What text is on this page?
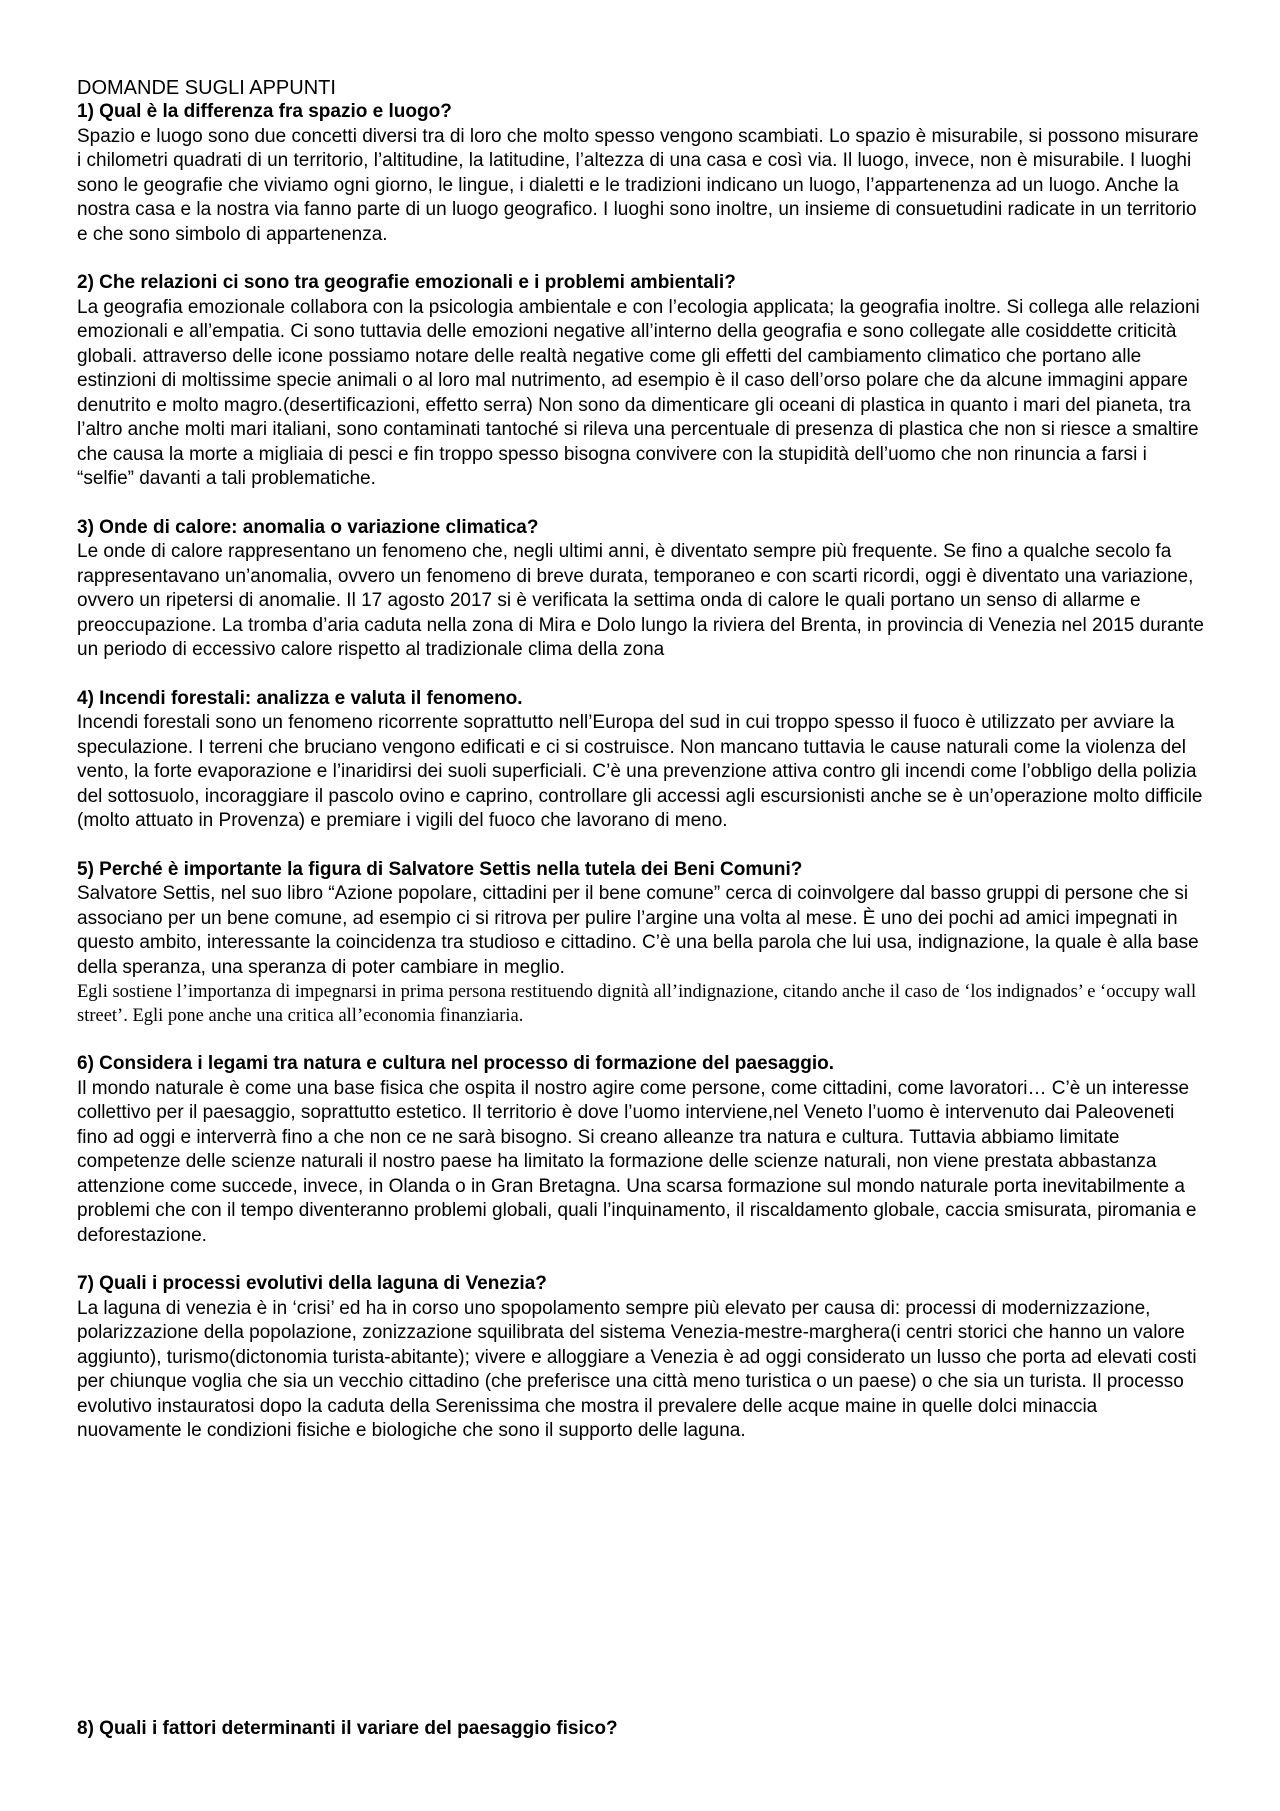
DOMANDE SUGLI APPUNTI

1) Qual è la differenza fra spazio e luogo?

Spazio e luogo sono due concetti diversi tra di loro che molto spesso vengono scambiati. Lo spazio è misurabile, si possono misurare i chilometri quadrati di un territorio, l’altitudine, la latitudine, l’altezza di una casa e così via. Il luogo, invece, non è misurabile. I luoghi sono le geografie che viviamo ogni giorno, le lingue, i dialetti e le tradizioni indicano un luogo, l’appartenenza ad un luogo. Anche la nostra casa e la nostra via fanno parte di un luogo geografico. I luoghi sono inoltre, un insieme di consuetudini radicate in un territorio e che sono simbolo di appartenenza.

2) Che relazioni ci sono tra geografie emozionali e i problemi ambientali?

La geografia emozionale collabora con la psicologia ambientale e con l’ecologia applicata; la geografia inoltre. Si collega alle relazioni emozionali e all’empatia. Ci sono tuttavia delle emozioni negative all’interno della geografia e sono collegate alle cosiddette criticità globali. attraverso delle icone possiamo notare delle realtà negative come gli effetti del cambiamento climatico che portano alle estinzioni di moltissime specie animali o al loro mal nutrimento, ad esempio è il caso dell’orso polare che da alcune immagini appare denutrito e molto magro.(desertificazioni, effetto serra) Non sono da dimenticare gli oceani di plastica in quanto i mari del pianeta, tra l’altro anche molti mari italiani, sono contaminati tantoché si rileva una percentuale di presenza di plastica che non si riesce a smaltire che causa la morte a migliaia di pesci e fin troppo spesso bisogna convivere con la stupidità dell’uomo che non rinuncia a farsi i “selfie” davanti a tali problematiche.

3) Onde di calore: anomalia o variazione climatica?

Le onde di calore rappresentano un fenomeno che, negli ultimi anni, è diventato sempre più frequente. Se fino a qualche secolo fa rappresentavano un’anomalia, ovvero un fenomeno di breve durata, temporaneo e con scarti ricordi, oggi è diventato una variazione, ovvero un ripetersi di anomalie. Il 17 agosto 2017 si è verificata la settima onda di calore le quali portano un senso di allarme e preoccupazione. La tromba d’aria caduta nella zona di Mira e Dolo lungo la riviera del Brenta, in provincia di Venezia nel 2015 durante un periodo di eccessivo calore rispetto al tradizionale clima della zona

4) Incendi forestali: analizza e valuta il fenomeno.

Incendi forestali sono un fenomeno ricorrente soprattutto nell’Europa del sud in cui troppo spesso il fuoco è utilizzato per avviare la speculazione. I terreni che bruciano vengono edificati e ci si costruisce. Non mancano tuttavia le cause naturali come la violenza del vento, la forte evaporazione e l’inaridirsi dei suoli superficiali. C’è una prevenzione attiva contro gli incendi come l’obbligo della polizia del sottosuolo, incoraggiare il pascolo ovino e caprino, controllare gli accessi agli escursionisti anche se è un’operazione molto difficile (molto attuato in Provenza) e premiare i vigili del fuoco che lavorano di meno.

5) Perché è importante la figura di Salvatore Settis nella tutela dei Beni Comuni?

Salvatore Settis, nel suo libro “Azione popolare, cittadini per il bene comune” cerca di coinvolgere dal basso gruppi di persone che si associano per un bene comune, ad esempio ci si ritrova per pulire l’argine una volta al mese. È uno dei pochi ad amici impegnati in questo ambito, interessante la coincidenza tra studioso e cittadino. C’è una bella parola che lui usa, indignazione, la quale è alla base della speranza, una speranza di poter cambiare in meglio.

Egli sostiene l’importanza di impegnarsi in prima persona restituendo dignità all’indignazione, citando anche il caso de ‘los indignados’ e ‘occupy wall street’. Egli pone anche una critica all’economia finanziaria.

6) Considera i legami tra natura e cultura nel processo di formazione del paesaggio.

Il mondo naturale è come una base fisica che ospita il nostro agire come persone, come cittadini, come lavoratori… C’è un interesse collettivo per il paesaggio, soprattutto estetico. Il territorio è dove l’uomo interviene,nel Veneto l’uomo è intervenuto dai Paleoveneti fino ad oggi e interverrà fino a che non ce ne sarà bisogno. Si creano alleanze tra natura e cultura. Tuttavia abbiamo limitate competenze delle scienze naturali il nostro paese ha limitato la formazione delle scienze naturali, non viene prestata abbastanza attenzione come succede, invece, in Olanda o in Gran Bretagna. Una scarsa formazione sul mondo naturale porta inevitabilmente a problemi che con il tempo diventeranno problemi globali, quali l’inquinamento, il riscaldamento globale, caccia smisurata, piromania e deforestazione.

7) Quali i processi evolutivi della laguna di Venezia?

La laguna di venezia è in ‘crisi’ ed ha in corso uno spopolamento sempre più elevato per causa di: processi di modernizzazione, polarizzazione della popolazione, zonizzazione squilibrata del sistema Venezia-mestre-marghera(i centri storici che hanno un valore aggiunto), turismo(dictonomia turista-abitante); vivere e alloggiare a Venezia è ad oggi considerato un lusso che porta ad elevati costi per chiunque voglia che sia un vecchio cittadino (che preferisce una città meno turistica o un paese) o che sia un turista. Il processo evolutivo instauratosi dopo la caduta della Serenissima che mostra il prevalere delle acque maine in quelle dolci minaccia nuovamente le condizioni fisiche e biologiche che sono il supporto delle laguna.

8) Quali i fattori determinanti il variare del paesaggio fisico?
